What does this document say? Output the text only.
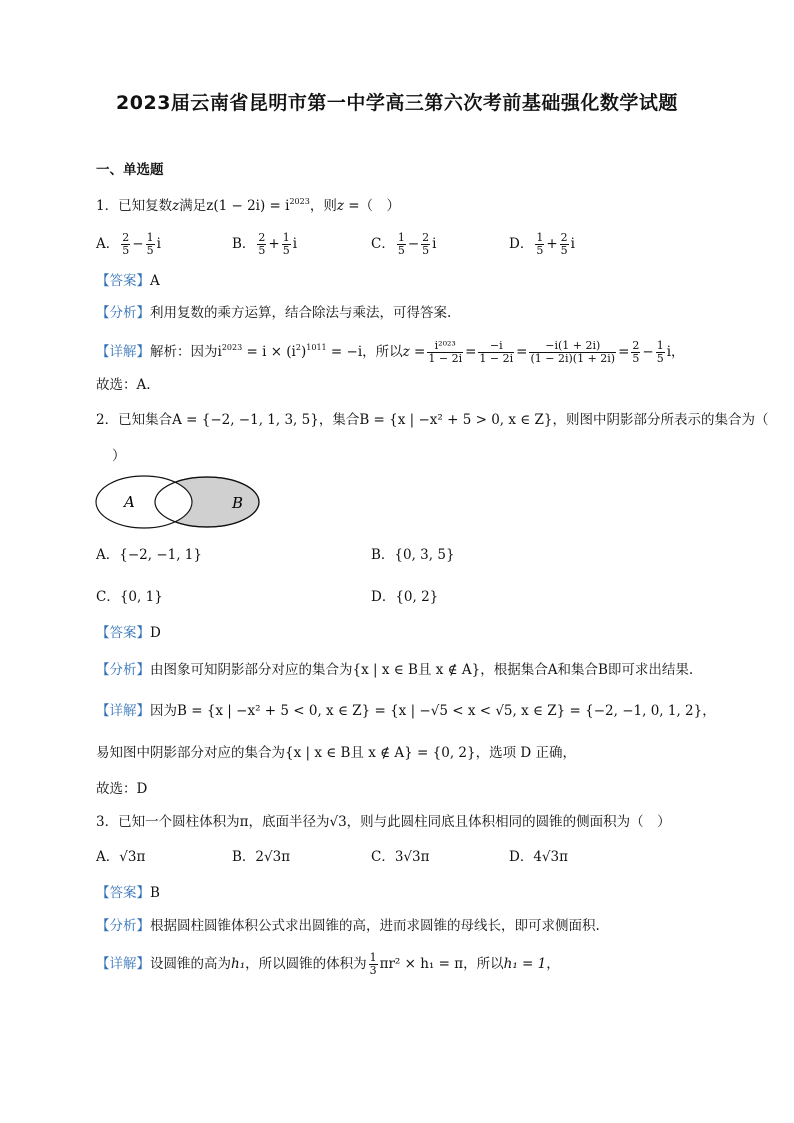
2023届云南省昆明市第一中学高三第六次考前基础强化数学试题
一、单选题
1．已知复数z满足$z(1 - 2i) = i^{2023}$，则z =（　）
A． $\frac{2}{5} - \frac{1}{5}$ i	B． $\frac{2}{5} + \frac{1}{5}$ i	C． $\frac{1}{5} - \frac{2}{5}$ i	D． $\frac{1}{5} + \frac{2}{5}$ i
【答案】A
【分析】利用复数的乘方运算，结合除法与乘法，可得答案.
【详解】解析：因为$i^{2023} = i \times (i^2)^{1011} = -i$，所以$z = \frac{\text{i²⁰²³}}{1 - 2i} = \frac{-i}{1 - 2i} = \frac{-i(1 + 2i)}{(1 - 2i)(1 + 2i)} = \frac{2}{5} - \frac{1}{5}$ i，
故选：A.
2．已知集合A = {−2, −1, 1, 3, 5}，集合B = {x | −x² + 5 > 0, x ∈ Z}，则图中阴影部分所表示的集合为（
）
A	B
A．{−2, −1, 1}	B．{0, 3, 5}
C．{0, 1}	D．{0, 2}
【答案】D
【分析】由图象可知阴影部分对应的集合为{x | x ∈ B且 x ∉ A}，根据集合A和集合B即可求出结果.
【详解】因为B = {x | −x² + 5 < 0, x ∈ Z} = {x | −√5 < x < √5, x ∈ Z} = {−2, −1, 0, 1, 2}，
易知图中阴影部分对应的集合为{x | x ∈ B且 x ∉ A} = {0, 2}，选项 D 正确，
故选：D
3．已知一个圆柱体积为π，底面半径为√3，则与此圆柱同底且体积相同的圆锥的侧面积为（　）
A．√3π	B．2√3π	C．3√3π	D．4√3π
【答案】B
【分析】根据圆柱圆锥体积公式求出圆锥的高，进而求圆锥的母线长，即可求侧面积.
【详解】设圆锥的高为h₁，所以圆锥的体积为 $\frac{1}{3} \pi r^2 \times h_1 = \pi$，所以h₁ = 1，
